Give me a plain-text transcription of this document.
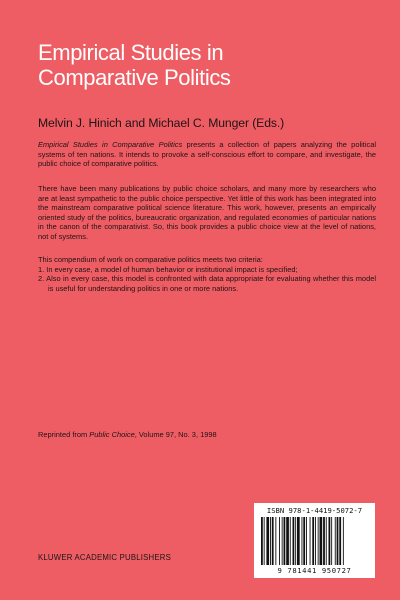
Empirical Studies in
Comparative Politics
Melvin J. Hinich and Michael C. Munger (Eds.)

Empirical Studies in Comparative Politics presents a collection of papers analyzing the political systems of ten nations. It intends to provoke a self-conscious effort to compare, and investigate, the public choice of comparative politics.

There have been many publications by public choice scholars, and many more by researchers who are at least sympathetic to the public choice perspective. Yet little of this work has been integrated into the mainstream comparative political science literature. This work, however, presents an empirically oriented study of the politics, bureaucratic organization, and regulated economies of particular nations in the canon of the comparativist. So, this book provides a public choice view at the level of nations, not of systems.

This compendium of work on comparative politics meets two criteria:
1. In every case, a model of human behavior or institutional impact is specified;
2. Also in every case, this model is confronted with data appropriate for evaluating whether this model is useful for understanding politics in one or more nations.
Reprinted from Public Choice, Volume 97, No. 3, 1998
ISBN 978-1-4419-5072-7
9 781441 950727
KLUWER ACADEMIC PUBLISHERS
